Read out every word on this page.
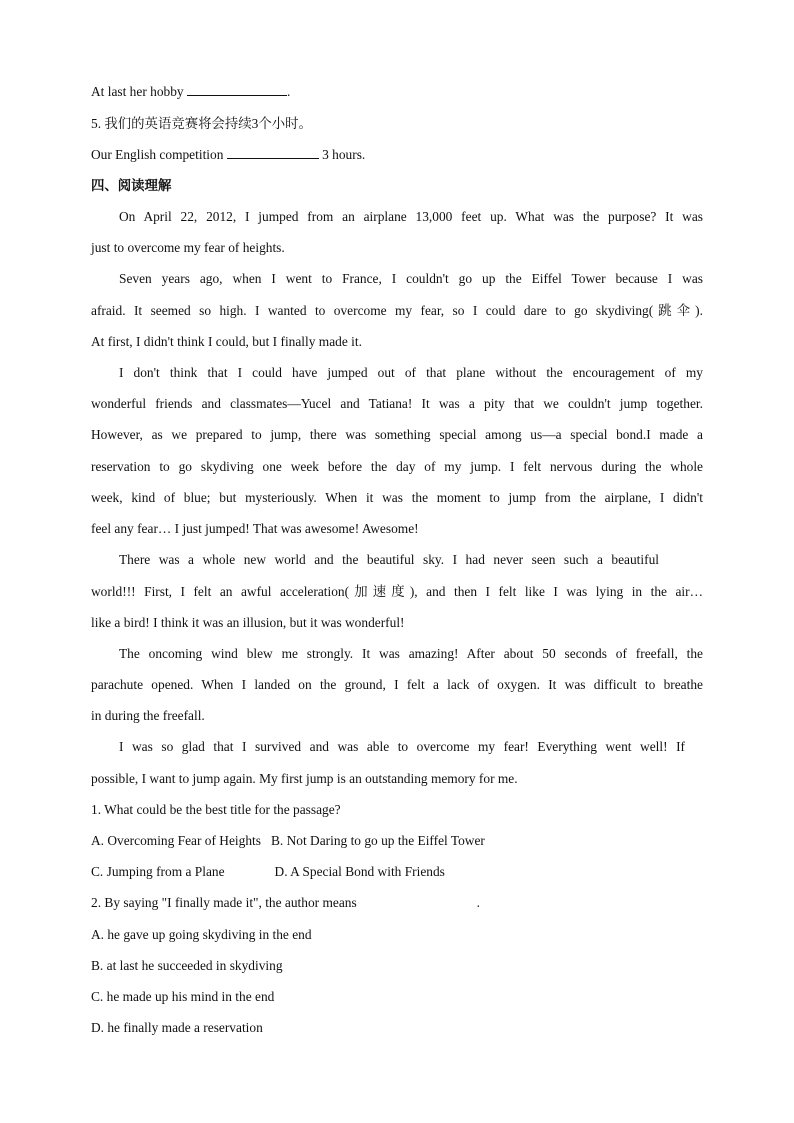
At last her hobby	.
5. 我们的英语竞赛将会持续3个小时。
Our English competition	3 hours.
四、阅读理解
On April 22, 2012, I jumped from an airplane 13,000 feet up. What was the purpose? It was
just to overcome my fear of heights.
Seven years ago, when I went to France, I couldn't go up the Eiffel Tower because I was
afraid. It seemed so high. I wanted to overcome my fear, so I could dare to go skydiving(跳伞).
At first, I didn't think I could, but I finally made it.
I don't think that I could have jumped out of that plane without the encouragement of my
wonderful friends and classmates—Yucel and Tatiana! It was a pity that we couldn't jump together.
However, as we prepared to jump, there was something special among us—a special bond.I made a
reservation to go skydiving one week before the day of my jump. I felt nervous during the whole
week, kind of blue; but mysteriously. When it was the moment to jump from the airplane, I didn't
feel any fear… I just jumped! That was awesome! Awesome!
There was a whole new world and the beautiful sky. I had never seen such a beautiful
world!!! First, I felt an awful acceleration(加速度), and then I felt like I was lying in the air…
like a bird! I think it was an illusion, but it was wonderful!
The oncoming wind blew me strongly. It was amazing! After about 50 seconds of freefall, the
parachute opened. When I landed on the ground, I felt a lack of oxygen. It was difficult to breathe
in during the freefall.
I was so glad that I survived and was able to overcome my fear! Everything went well! If
possible, I want to jump again. My first jump is an outstanding memory for me.
1. What could be the best title for the passage?
A. Overcoming Fear of Heights   B. Not Daring to go up the Eiffel Tower
C. Jumping from a Plane	D. A Special Bond with Friends
2. By saying "I finally made it", the author means	.
A. he gave up going skydiving in the end
B. at last he succeeded in skydiving
C. he made up his mind in the end
D. he finally made a reservation
